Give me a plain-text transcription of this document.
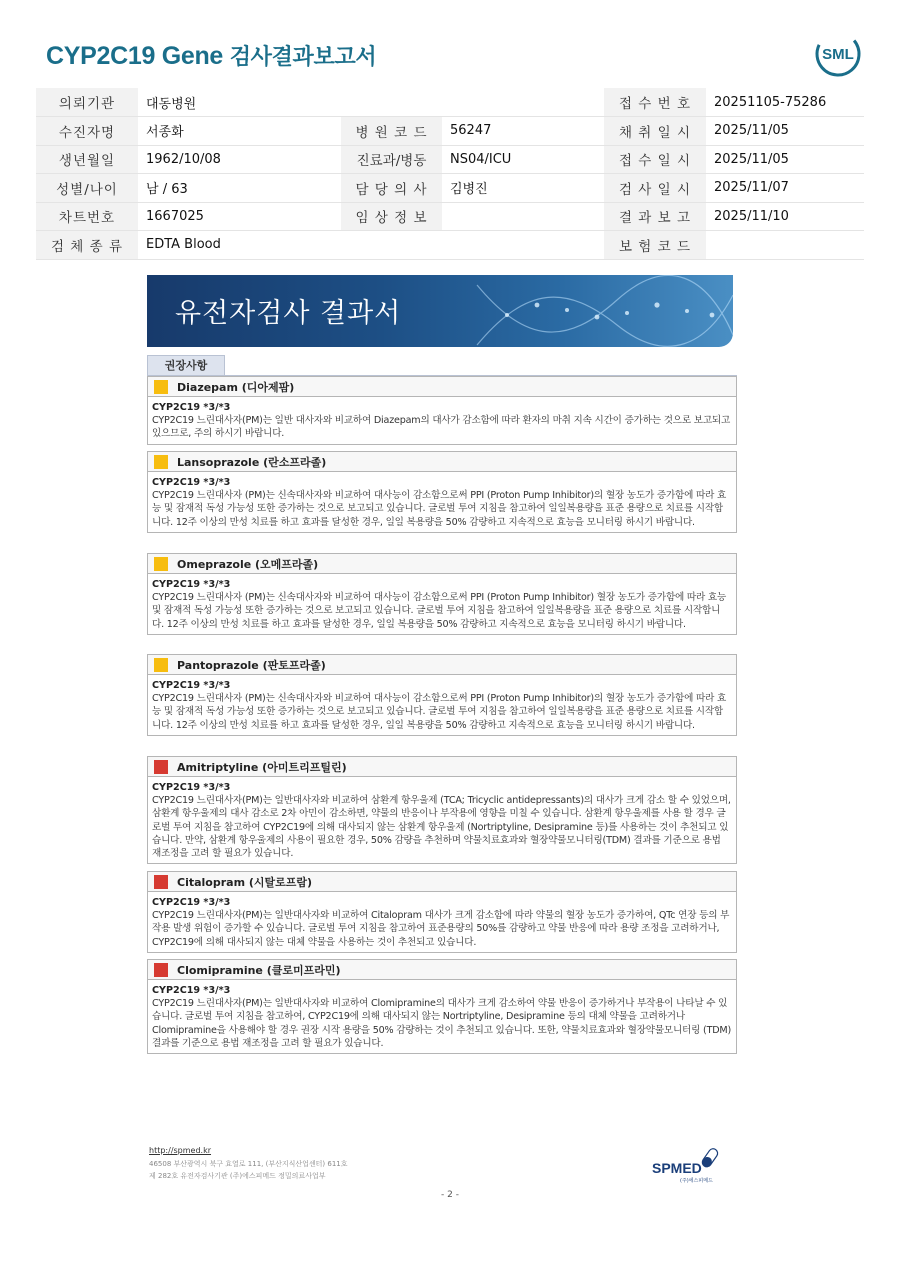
CYP2C19 Gene 검사결과보고서	SML
의뢰기관	대동병원			접 수 번 호	20251105-75286
수진자명	서종화	병 원 코 드	56247	채 취 일 시	2025/11/05
생년월일	1962/10/08	진료과/병동	NS04/ICU	접 수 일 시	2025/11/05
성별/나이	남 / 63	담 당 의 사	김병진	검 사 일 시	2025/11/07
차트번호	1667025	임 상 정 보		결 과 보 고	2025/11/10
검 체 종 류	EDTA Blood			보 험 코 드	
유전자검사 결과서
권장사항
Diazepam (디아제팜)
CYP2C19 *3/*3
CYP2C19 느린대사자(PM)는 일반 대사자와 비교하여 Diazepam의 대사가 감소함에 따라 환자의 마취 지속 시간이 증가하는 것으로 보고되고 있으므로, 주의 하시기 바랍니다.
Lansoprazole (란소프라졸)
CYP2C19 *3/*3
CYP2C19 느린대사자 (PM)는 신속대사자와 비교하여 대사능이 감소함으로써 PPI (Proton Pump Inhibitor)의 혈장 농도가 증가함에 따라 효능 및 잠재적 독성 가능성 또한 증가하는 것으로 보고되고 있습니다. 글로벌 투여 지침을 참고하여 일일복용량을 표준 용량으로 치료를 시작합니다. 12주 이상의 만성 치료를 하고 효과를 달성한 경우, 일일 복용량을 50% 감량하고 지속적으로 효능을 모니터링 하시기 바랍니다.
Omeprazole (오메프라졸)
CYP2C19 *3/*3
CYP2C19 느린대사자 (PM)는 신속대사자와 비교하여 대사능이 감소함으로써 PPI (Proton Pump Inhibitor) 혈장 농도가 증가함에 따라 효능 및 잠재적 독성 가능성 또한 증가하는 것으로 보고되고 있습니다. 글로벌 투여 지침을 참고하여 일일복용량을 표준 용량으로 치료를 시작합니다. 12주 이상의 만성 치료를 하고 효과를 달성한 경우, 일일 복용량을 50% 감량하고 지속적으로 효능을 모니터링 하시기 바랍니다.
Pantoprazole (판토프라졸)
CYP2C19 *3/*3
CYP2C19 느린대사자 (PM)는 신속대사자와 비교하여 대사능이 감소함으로써 PPI (Proton Pump Inhibitor)의 혈장 농도가 증가함에 따라 효능 및 잠재적 독성 가능성 또한 증가하는 것으로 보고되고 있습니다. 글로벌 투여 지침을 참고하여 일일복용량을 표준 용량으로 치료를 시작합니다. 12주 이상의 만성 치료를 하고 효과를 달성한 경우, 일일 복용량을 50% 감량하고 지속적으로 효능을 모니터링 하시기 바랍니다.
Amitriptyline (아미트리프틸린)
CYP2C19 *3/*3
CYP2C19 느린대사자(PM)는 일반대사자와 비교하여 삼환계 항우울제 (TCA; Tricyclic antidepressants)의 대사가 크게 감소 할 수 있었으며, 삼환계 항우울제의 대사 감소로 2차 아민이 감소하면, 약물의 반응이나 부작용에 영향을 미칠 수 있습니다. 삼환계 항우울제를 사용 할 경우 글로벌 투여 지침을 참고하여 CYP2C19에 의해 대사되지 않는 삼환계 항우울제 (Nortriptyline, Desipramine 등)를 사용하는 것이 추천되고 있습니다. 만약, 삼환계 항우울제의 사용이 필요한 경우, 50% 감량을 추천하며 약물치료효과와 혈장약물모니터링(TDM) 결과를 기준으로 용법 재조정을 고려 할 필요가 있습니다.
Citalopram (시탈로프람)
CYP2C19 *3/*3
CYP2C19 느린대사자(PM)는 일반대사자와 비교하여 Citalopram 대사가 크게 감소함에 따라 약물의 혈장 농도가 증가하여, QTc 연장 등의 부작용 발생 위험이 증가할 수 있습니다. 글로벌 투여 지침을 참고하여 표준용량의 50%를 감량하고 약물 반응에 따라 용량 조정을 고려하거나, CYP2C19에 의해 대사되지 않는 대체 약물을 사용하는 것이 추천되고 있습니다.
Clomipramine (클로미프라민)
CYP2C19 *3/*3
CYP2C19 느린대사자(PM)는 일반대사자와 비교하여 Clomipramine의 대사가 크게 감소하여 약물 반응이 증가하거나 부작용이 나타날 수 있습니다. 글로벌 투여 지침을 참고하여, CYP2C19에 의해 대사되지 않는 Nortriptyline, Desipramine 등의 대체 약물을 고려하거나 Clomipramine을 사용해야 할 경우 권장 시작 용량을 50% 감량하는 것이 추천되고 있습니다. 또한, 약물치료효과와 혈장약물모니터링 (TDM) 결과를 기준으로 용법 재조정을 고려 할 필요가 있습니다.
http://spmed.kr
46508 부산광역시 북구 효열로 111, (부산지식산업센터) 611호
제 282호 유전자검사기관 (주)에스피메드 정밀의료사업부	SPMED
(주)에스피메드
- 2 -
